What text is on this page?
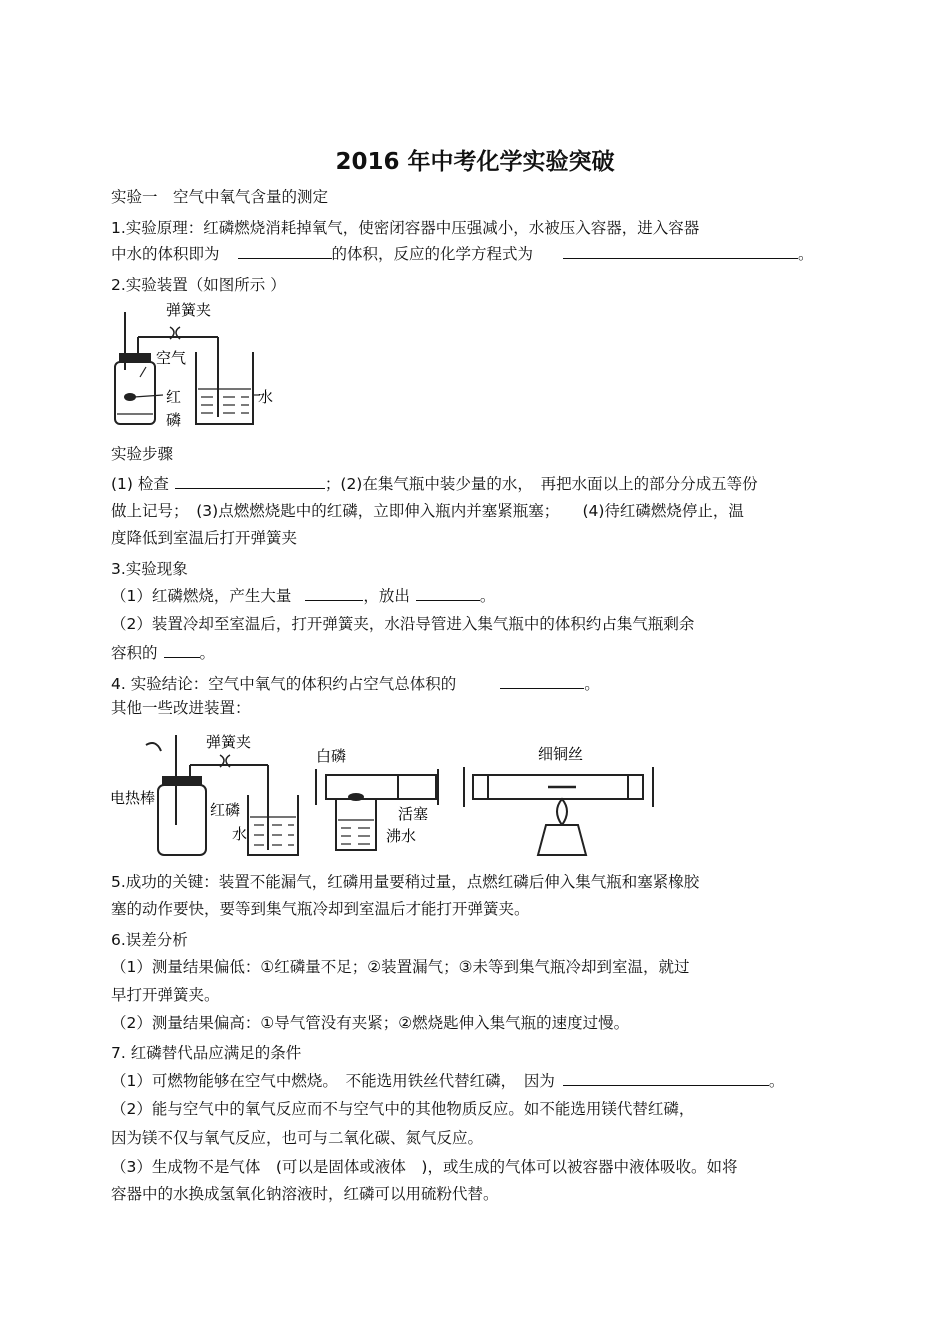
2016 年中考化学实验突破
实验一　空气中氧气含量的测定
1.实验原理：红磷燃烧消耗掉氧气，使密闭容器中压强减小，水被压入容器，进入容器
中水的体积即为	的体积，反应的化学方程式为	。
2.实验装置（如图所示 ）
弹簧夹
空气
水
红
磷
实验步骤
(1) 检查	；(2)在集气瓶中装少量的水，　再把水面以上的部分分成五等份
做上记号；　(3)点燃燃烧匙中的红磷，立即伸入瓶内并塞紧瓶塞；　　(4)待红磷燃烧停止，温
度降低到室温后打开弹簧夹
3.实验现象
（1）红磷燃烧，产生大量	，放出	。
（2）装置冷却至室温后，打开弹簧夹，水沿导管进入集气瓶中的体积约占集气瓶剩余
容积的	。
4. 实验结论：空气中氧气的体积约占空气总体积的	。
其他一些改进装置：
电热棒
弹簧夹
红磷
水
白磷
活塞
沸水
细铜丝
5.成功的关键：装置不能漏气，红磷用量要稍过量，点燃红磷后伸入集气瓶和塞紧橡胶
塞的动作要快，要等到集气瓶冷却到室温后才能打开弹簧夹。
6.误差分析
（1）测量结果偏低：①红磷量不足；②装置漏气；③未等到集气瓶冷却到室温，就过
早打开弹簧夹。
（2）测量结果偏高：①导气管没有夹紧；②燃烧匙伸入集气瓶的速度过慢。
7. 红磷替代品应满足的条件
（1）可燃物能够在空气中燃烧。　不能选用铁丝代替红磷，　因为	。
（2）能与空气中的氧气反应而不与空气中的其他物质反应。如不能选用镁代替红磷，
因为镁不仅与氧气反应，也可与二氧化碳、氮气反应。
（3）生成物不是气体　(可以是固体或液体　)，或生成的气体可以被容器中液体吸收。如将
容器中的水换成氢氧化钠溶液时，红磷可以用硫粉代替。
